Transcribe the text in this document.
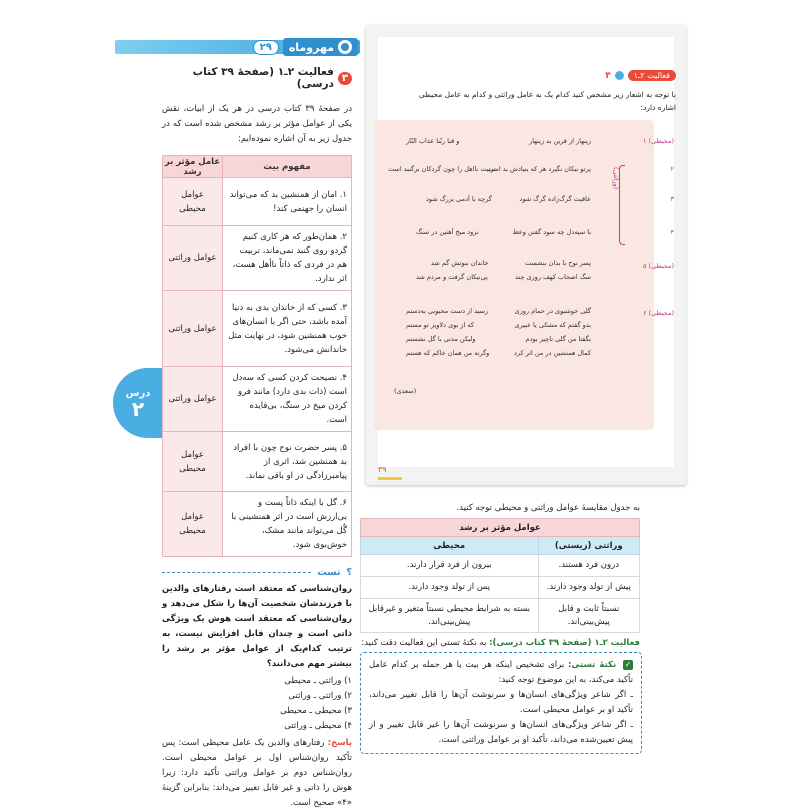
مهروماه
۲۹
درس
۲
۳
فعالیت ۲ـ۱ (صفحهٔ ۳۹ کتاب درسی)
در صفحهٔ ۳۹ کتاب درسی در هر یک از ابیات، نقش یکی از عوامل مؤثر بر رشد مشخص شده است که در جدول زیر به آن اشاره نموده‌ایم:
مفهوم بیت	عامل مؤثر بر رشد
۱. امان از همنشین بد که می‌تواند انسان را جهنمی کند!	عوامل محیطی
۲. همان‌طور که هر کاری کنیم گردو روی گنبد نمی‌ماند، تربیت هم در فردی که ذاتاً ناأهل هست، اثر ندارد.	عوامل وراثتی
۳. کسی که از خاندان بدی به دنیا آمده باشد، حتی اگر با انسان‌های خوب همنشین شود، در نهایت مثل خاندانش می‌شود.	عوامل وراثتی
۴. نصیحت کردن کسی که سه‌دل است (ذات بدی دارد) مانند فرو کردن میخ در سنگ، بی‌فایده است.	عوامل وراثتی
۵. پسر حضرت نوح چون با افراد بد همنشین شد، اثری از پیامبرزادگی در او باقی نماند.	عوامل محیطی
۶. گل با اینکه ذاتاً پست و بی‌ارزش است در اثر همنشینی با گُل می‌تواند مانند مشک، خوش‌بوی شود.	عوامل محیطی
؟
تست
روان‌شناسی که معتقد است رفتارهای والدین با فرزندشان شخصیت آن‌ها را شکل می‌دهد و روان‌شناسی که معتقد است هوش یک ویژگی ذاتی است و چندان قابل افزایش نیست، به ترتیب کدام‌یک از عوامل مؤثر بر رشد را بیشتر مهم می‌دانند؟
۱) وراثتی ـ محیطی
۲) وراثتی ـ وراثتی
۳) محیطی ـ محیطی
۴) محیطی ـ وراثتی
پاسخ: رفتارهای والدین یک عامل محیطی است: پس تأکید روان‌شناس اول بر عوامل محیطی است. روان‌شناس دوم بر عوامل وراثتی تأکید دارد: زیرا هوش را ذاتی و غیر قابل تغییر می‌داند: بنابراین گزینهٔ «۴» صحیح است.
فعالیت ۲ـ۱
۳
با توجه به اشعار زیر مشخص کنید کدام یک به عامل وراثتی و کدام به عامل محیطی اشاره دارد:
(محیطی) ۱
زینهار از قرین بد زینهار
و قنا ربّنا عذاب النّار
۲
پرتو نیکان نگیرد هر که بنیادش بد است
تربیت نااهل را چون گردکان برگنبد است
۳
عاقبت گرگ‌زاده گرگ شود
گرچه با آدمی بزرگ شود
۴
با سیه‌دل چه سود گفتن وعظ
نرود میخ آهنین در سنگ
(محیطی) ۵
پسر نوح با بدان بنشست
خاندان نبوتش گم شد
سگ اصحاب کهف روزی چند
پی‌نیکان گرفت و مردم شد
(محیطی) ۶
گلی خوشبوی در حمام روزی
رسید از دست محبوبی به‌دستم
بدو گفتم که مشکی یا عبیری
که از بوی دلاویز تو مستم
بگفتا من گلی ناچیز بودم
ولیکن مدتی با گل نشستم
کمال همنشین در من اثر کرد
وگرنه من همان خاکم که هستم
(وراثتی)
(سعدی)
۳۹
به جدول مقایسهٔ عوامل وراثتی و محیطی توجه کنید.
عوامل مؤثر بر رشد	
وراثتی (زیستی)	محیطی
درون فرد هستند.	بیرون از فرد قرار دارند.
پیش از تولد وجود دارند.	پس از تولد وجود دارند.
نسبتاً ثابت و قابل پیش‌بینی‌اند.	بسته به شرایط محیطی نسبتاً متغیر و غیرقابل پیش‌بینی‌اند.
فعالیت ۲ـ۱ (صفحهٔ ۳۹ کتاب درسی): به نکتهٔ تستی این فعالیت دقت کنید:
✓ نکتهٔ تستی: برای تشخیص اینکه هر بیت یا هر جمله بر کدام عامل تأکید می‌کند، به این موضوع توجه کنید:
ـ اگر شاعر ویژگی‌های انسان‌ها و سرنوشت آن‌ها را قابل تغییر می‌داند، تأکید او بر عوامل محیطی است.
ـ اگر شاعر ویژگی‌های انسان‌ها و سرنوشت آن‌ها را غیر قابل تغییر و از پیش تعیین‌شده می‌داند، تأکید او بر عوامل وراثتی است.
